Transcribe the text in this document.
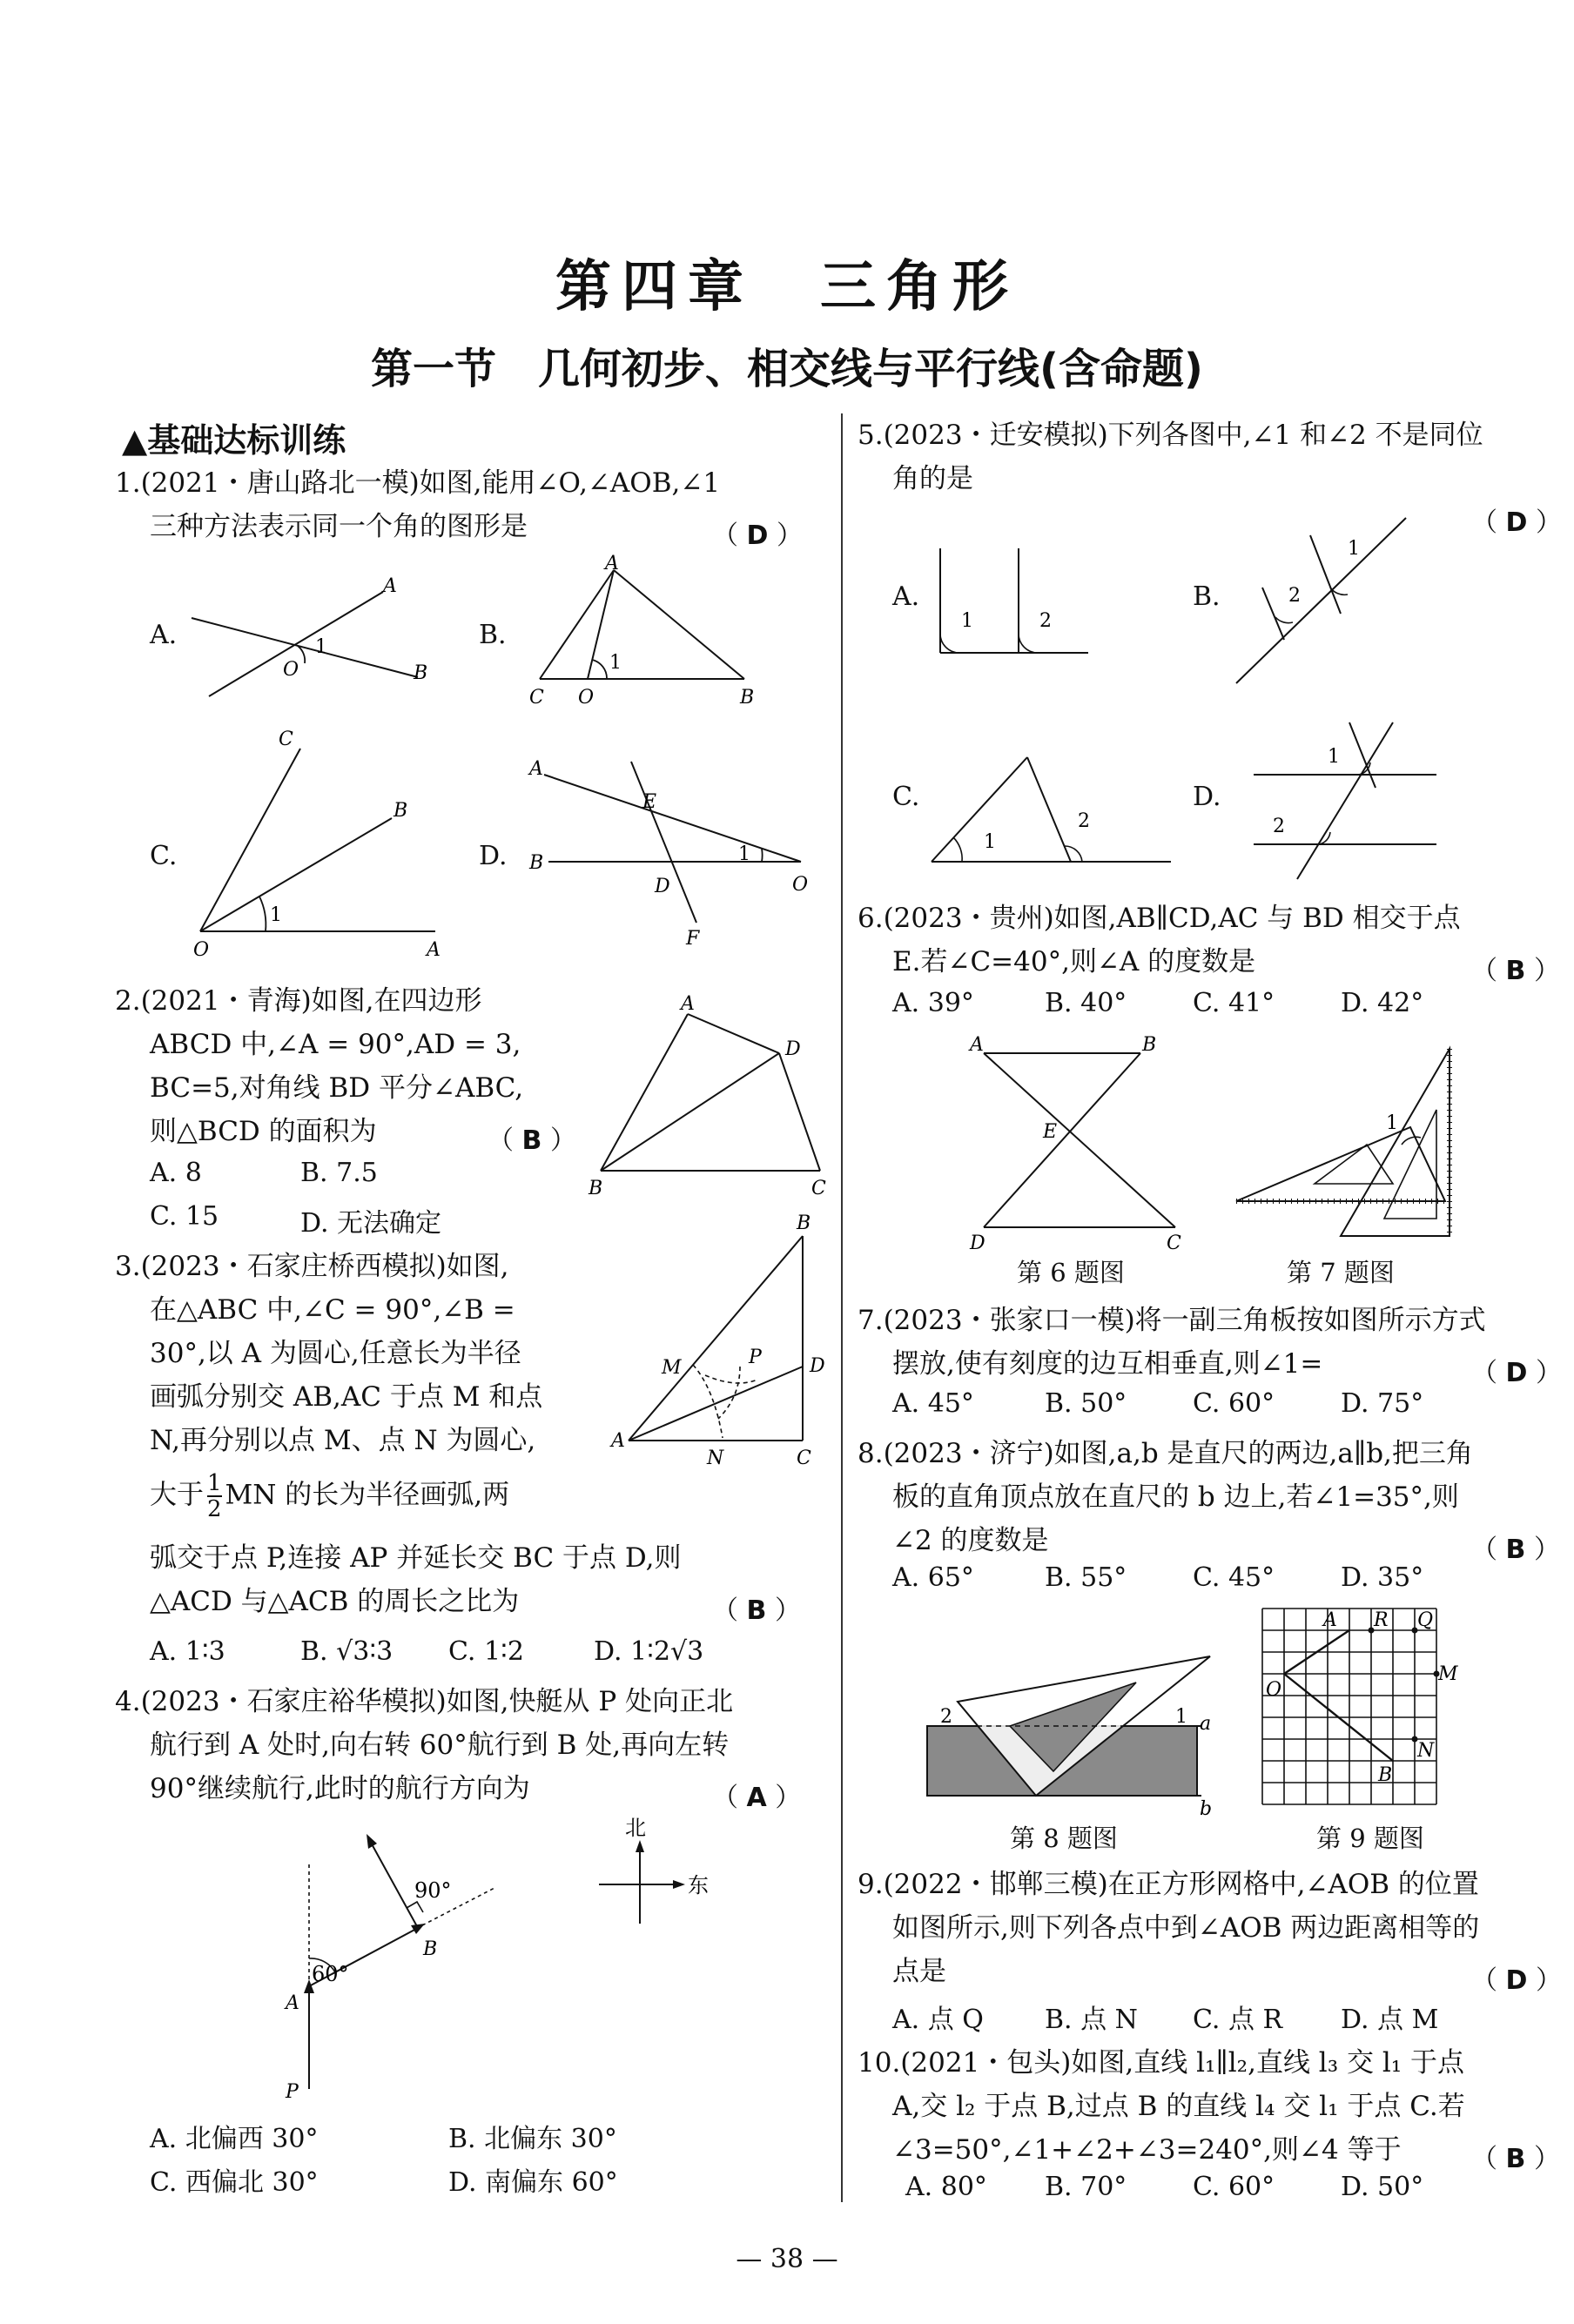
第四章　三角形
第一节　几何初步、相交线与平行线(含命题)
▲基础达标训练
1.(2021・唐山路北一模)如图,能用∠O,∠AOB,∠1
三种方法表示同一个角的图形是	（ D ）
A.	B.
C.	D.
A
B
O
1
A
C O	B
1
C
B
O	A
1
A
B
E
D	O
F
1
2.(2021・青海)如图,在四边形
ABCD 中,∠A = 90°,AD = 3,
BC=5,对角线 BD 平分∠ABC,
则△BCD 的面积为	（ B ）
A. 8	B. 7.5
C. 15	D. 无法确定
A
D
B	C
3.(2023・石家庄桥西模拟)如图,
在△ABC 中,∠C = 90°,∠B =
30°,以 A 为圆心,任意长为半径
画弧分别交 AB,AC 于点 M 和点
N,再分别以点 M、点 N 为圆心,
大于 $\frac{1}{2}$ MN 的长为半径画弧,两
弧交于点 P,连接 AP 并延长交 BC 于点 D,则
△ACD 与△ACB 的周长之比为	（ B ）
A. 1∶3	B. √3∶3 C. 1∶2	D. 1∶2√3
B
D
P
M
A
N	C
4.(2023・石家庄裕华模拟)如图,快艇从 P 处向正北
航行到 A 处时,向右转 60°航行到 B 处,再向左转
90°继续航行,此时的航行方向为	（ A ）
60°
90°
B
A
P
北
东
A. 北偏西 30°	B. 北偏东 30°
C. 西偏北 30°	D. 南偏东 60°
5.(2023・迁安模拟)下列各图中,∠1 和∠2 不是同位
角的是
（ D ）
A.	B.
C.	D.
1	2
1
2
1
2
1
2
6.(2023・贵州)如图,AB∥CD,AC 与 BD 相交于点
E.若∠C=40°,则∠A 的度数是	（ B ）
A. 39°	B. 40°	C. 41°	D. 42°
A	B
E
D	C
第 6 题图
1
第 7 题图
7.(2023・张家口一模)将一副三角板按如图所示方式
摆放,使有刻度的边互相垂直,则∠1=	（ D ）
A. 45°	B. 50°	C. 60°	D. 75°
8.(2023・济宁)如图,a,b 是直尺的两边,a∥b,把三角
板的直角顶点放在直尺的 b 边上,若∠1=35°,则
∠2 的度数是	（ B ）
A. 65°	B. 55°	C. 45°	D. 35°
2	1 a
b
第 8 题图
A R Q
M
O
N
B
第 9 题图
9.(2022・邯郸三模)在正方形网格中,∠AOB 的位置
如图所示,则下列各点中到∠AOB 两边距离相等的
点是	（ D ）
A. 点 Q B. 点 N C. 点 R D. 点 M
10.(2021・包头)如图,直线 l₁∥l₂,直线 l₃ 交 l₁ 于点
A,交 l₂ 于点 B,过点 B 的直线 l₄ 交 l₁ 于点 C.若
∠3=50°,∠1+∠2+∠3=240°,则∠4 等于	（ B ）
A. 80° B. 70°	C. 60°	D. 50°
— 38 —
